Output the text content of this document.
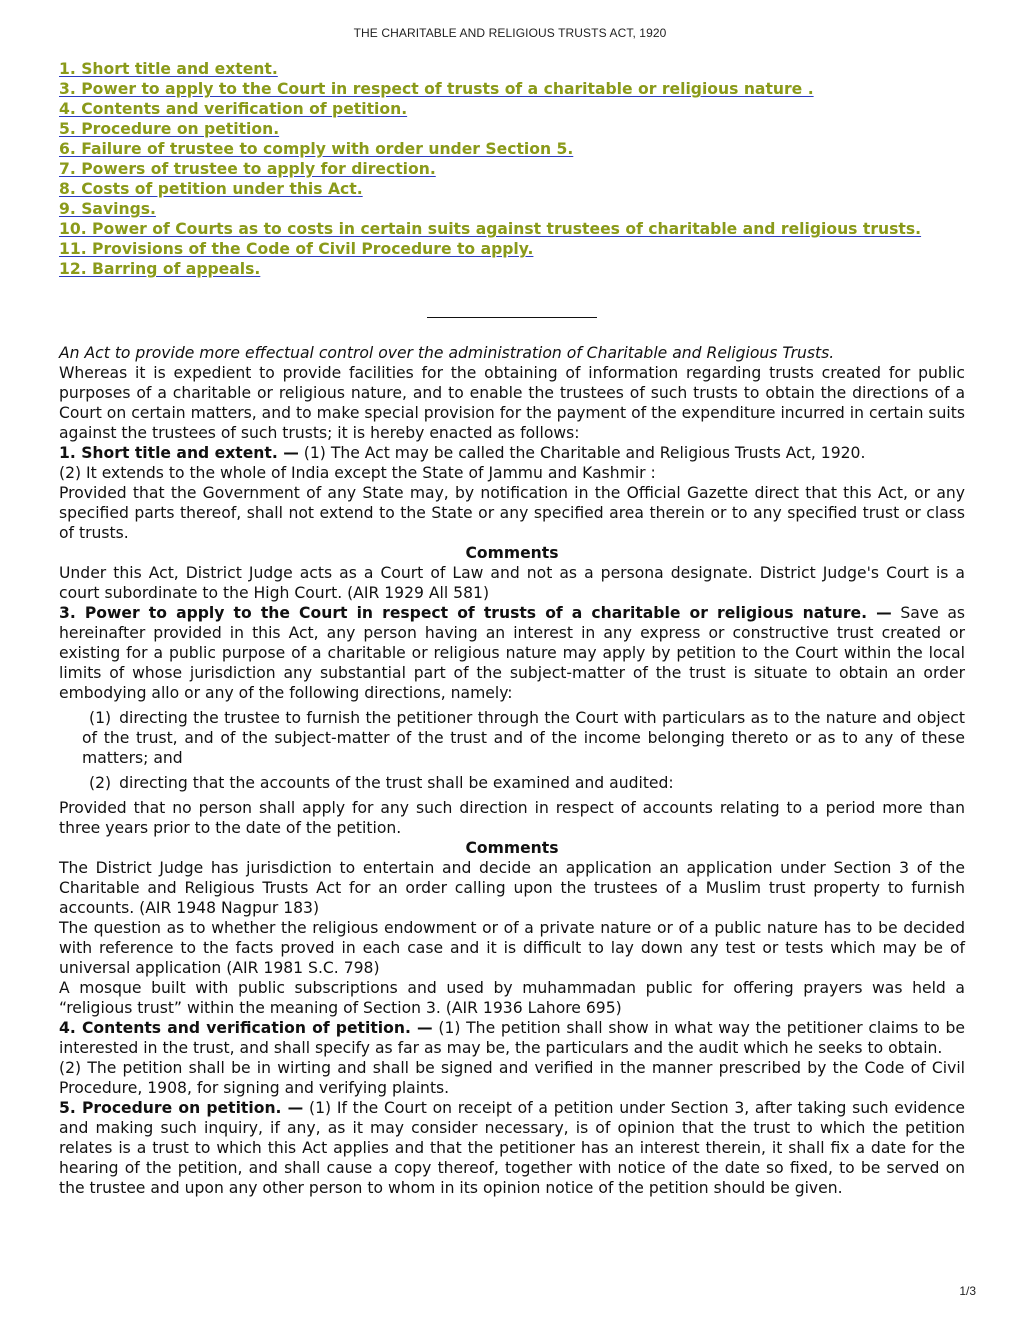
THE CHARITABLE AND RELIGIOUS TRUSTS ACT, 1920
1. Short title and extent.
3. Power to apply to the Court in respect of trusts of a charitable or religious nature .
4. Contents and verification of petition.
5. Procedure on petition.
6. Failure of trustee to comply with order under Section 5.
7. Powers of trustee to apply for direction.
8. Costs of petition under this Act.
9. Savings.
10. Power of Courts as to costs in certain suits against trustees of charitable and religious trusts.
11. Provisions of the Code of Civil Procedure to apply.
12. Barring of appeals.

An Act to provide more effectual control over the administration of Charitable and Religious Trusts.

Whereas it is expedient to provide facilities for the obtaining of information regarding trusts created for public purposes of a charitable or religious nature, and to enable the trustees of such trusts to obtain the directions of a Court on certain matters, and to make special provision for the payment of the expenditure incurred in certain suits against the trustees of such trusts; it is hereby enacted as follows:

1. Short title and extent. — (1) The Act may be called the Charitable and Religious Trusts Act, 1920.

(2) It extends to the whole of India except the State of Jammu and Kashmir :

Provided that the Government of any State may, by notification in the Official Gazette direct that this Act, or any specified parts thereof, shall not extend to the State or any specified area therein or to any specified trust or class of trusts.

Comments

Under this Act, District Judge acts as a Court of Law and not as a persona designate. District Judge's Court is a court subordinate to the High Court. (AIR 1929 All 581)

3. Power to apply to the Court in respect of trusts of a charitable or religious nature. — Save as hereinafter provided in this Act, any person having an interest in any express or constructive trust created or existing for a public purpose of a charitable or religious nature may apply by petition to the Court within the local limits of whose jurisdiction any substantial part of the subject-matter of the trust is situate to obtain an order embodying allo or any of the following directions, namely:

(1) directing the trustee to furnish the petitioner through the Court with particulars as to the nature and object of the trust, and of the subject-matter of the trust and of the income belonging thereto or as to any of these matters; and

(2) directing that the accounts of the trust shall be examined and audited:

Provided that no person shall apply for any such direction in respect of accounts relating to a period more than three years prior to the date of the petition.

Comments

The District Judge has jurisdiction to entertain and decide an application an application under Section 3 of the Charitable and Religious Trusts Act for an order calling upon the trustees of a Muslim trust property to furnish accounts. (AIR 1948 Nagpur 183)

The question as to whether the religious endowment or of a private nature or of a public nature has to be decided with reference to the facts proved in each case and it is difficult to lay down any test or tests which may be of universal application (AIR 1981 S.C. 798)

A mosque built with public subscriptions and used by muhammadan public for offering prayers was held a “religious trust” within the meaning of Section 3. (AIR 1936 Lahore 695)

4. Contents and verification of petition. — (1) The petition shall show in what way the petitioner claims to be interested in the trust, and shall specify as far as may be, the particulars and the audit which he seeks to obtain.

(2) The petition shall be in wirting and shall be signed and verified in the manner prescribed by the Code of Civil Procedure, 1908, for signing and verifying plaints.

5. Procedure on petition. — (1) If the Court on receipt of a petition under Section 3, after taking such evidence and making such inquiry, if any, as it may consider necessary, is of opinion that the trust to which the petition relates is a trust to which this Act applies and that the petitioner has an interest therein, it shall fix a date for the hearing of the petition, and shall cause a copy thereof, together with notice of the date so fixed, to be served on the trustee and upon any other person to whom in its opinion notice of the petition should be given.

1/3
